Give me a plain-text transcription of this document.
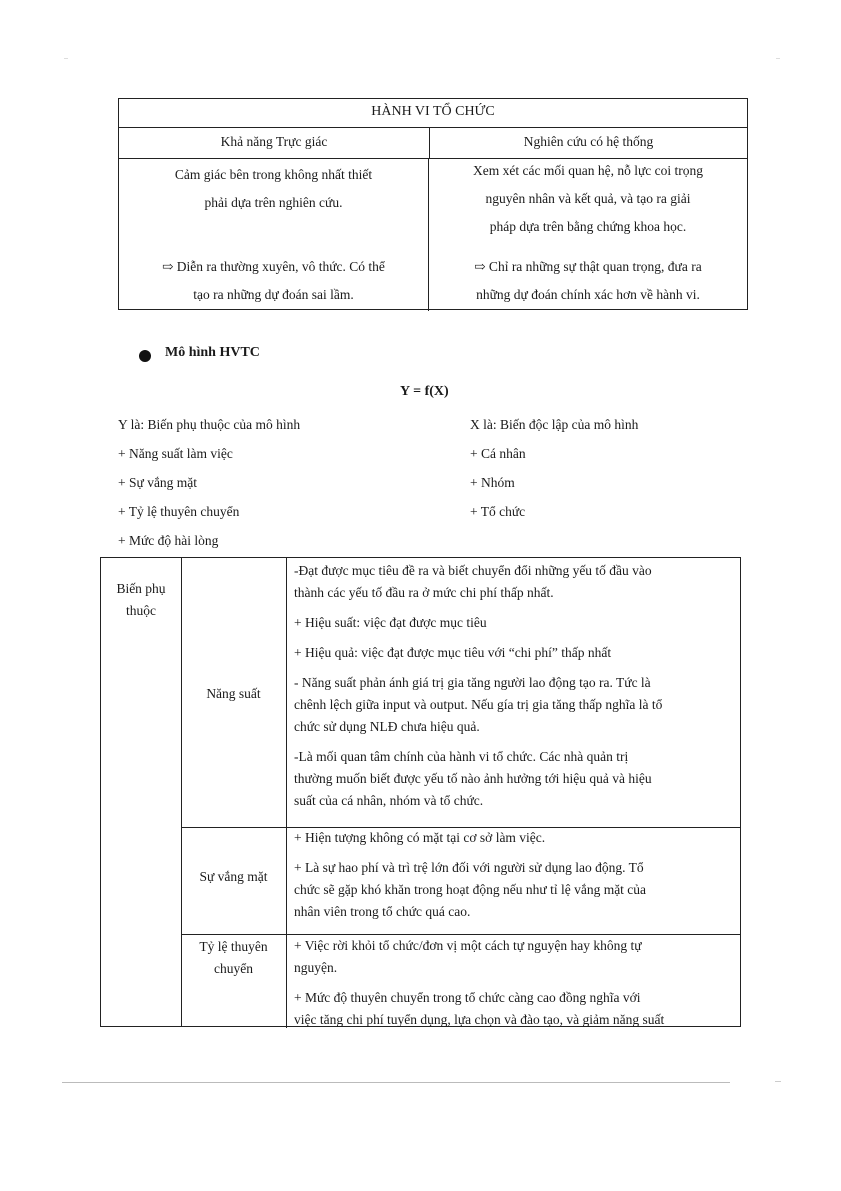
HÀNH VI TỔ CHỨC
Khả năng Trực giác	Nghiên cứu có hệ thống
Cảm giác bên trong không nhất thiết
phải dựa trên nghiên cứu.
⇨ Diễn ra thường xuyên, vô thức. Có thể
tạo ra những dự đoán sai lầm.
Xem xét các mối quan hệ, nỗ lực coi trọng
nguyên nhân và kết quả, và tạo ra giải
pháp dựa trên bằng chứng khoa học.
⇨ Chỉ ra những sự thật quan trọng, đưa ra
những dự đoán chính xác hơn về hành vi.
Mô hình HVTC
Y = f(X)
Y là: Biến phụ thuộc của mô hình
+ Năng suất làm việc
+ Sự vắng mặt
+ Tỷ lệ thuyên chuyển
+ Mức độ hài lòng
X là: Biến độc lập của mô hình
+ Cá nhân
+ Nhóm
+ Tổ chức

Biến phụ

thuộc

Năng suất

-Đạt được mục tiêu đề ra và biết chuyển đổi những yếu tố đầu vào

thành các yếu tố đầu ra ở mức chi phí thấp nhất.

+ Hiệu suất: việc đạt được mục tiêu

+ Hiệu quả: việc đạt được mục tiêu với “chi phí” thấp nhất

- Năng suất phản ánh giá trị gia tăng người lao động tạo ra. Tức là

chênh lệch giữa input và output. Nếu gía trị gia tăng thấp nghĩa là tổ

chức sử dụng NLĐ chưa hiệu quả.

-Là mối quan tâm chính của hành vi tổ chức. Các nhà quản trị

thường muốn biết được yếu tố nào ảnh hưởng tới hiệu quả và hiệu

suất của cá nhân, nhóm và tổ chức.

Sự vắng mặt

+ Hiện tượng không có mặt tại cơ sở làm việc.

+ Là sự hao phí và trì trệ lớn đối với người sử dụng lao động. Tổ

chức sẽ gặp khó khăn trong hoạt động nếu như tỉ lệ vắng mặt của

nhân viên trong tổ chức quá cao.

Tỷ lệ thuyên

chuyển

+ Việc rời khỏi tổ chức/đơn vị một cách tự nguyện hay không tự

nguyện.

+ Mức độ thuyên chuyển trong tổ chức càng cao đồng nghĩa với

việc tăng chi phí tuyển dụng, lựa chọn và đào tạo, và giảm năng suất
